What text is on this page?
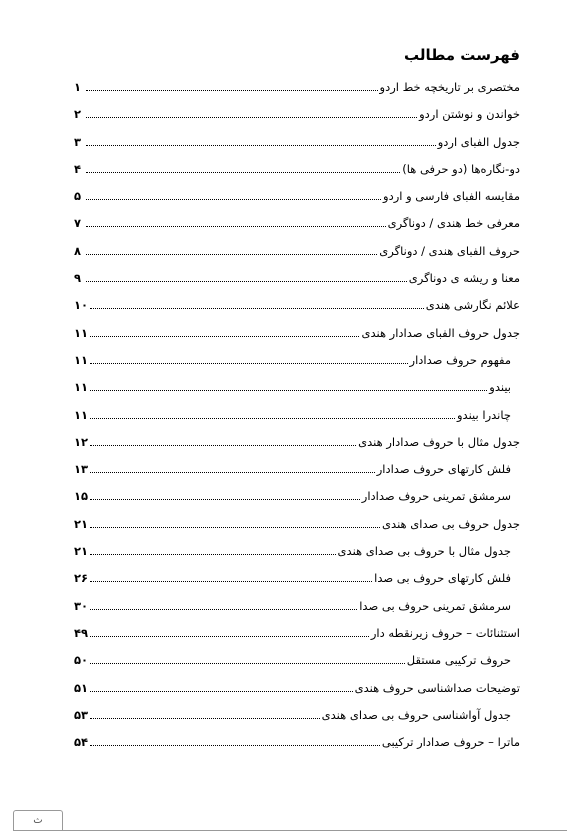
فهرست مطالب
مختصری بر تاریخچه خط اردو
۱
خواندن و نوشتن اردو
۲
جدول الفبای اردو
۳
دو-نگاره‌ها (دو حرفی ها)
۴
مقایسه الفبای فارسی و اردو
۵
معرفی خط هندی / دوناگری
۷
حروف الفبای هندی / دوناگری
۸
معنا و ریشه ی دوناگری
۹
علائم نگارشی هندی
۱۰
جدول حروف الفبای صدادار هندی
۱۱
مفهوم حروف صدادار
۱۱
بیندو
۱۱
چاندرا بیندو
۱۱
جدول مثال با حروف صدادار هندی
۱۲
فلش کارتهای حروف صدادار
۱۳
سرمشق تمرینی حروف صدادار
۱۵
جدول حروف بی صدای هندی
۲۱
جدول مثال با حروف بی صدای هندی
۲۱
فلش کارتهای حروف بی صدا
۲۶
سرمشق تمرینی حروف بی صدا
۳۰
استثنائات – حروف زیرنقطه دار
۴۹
حروف ترکیبی مستقل
۵۰
توضیحات صداشناسی حروف هندی
۵۱
جدول آواشناسی حروف بی صدای هندی
۵۳
ماترا – حروف صدادار ترکیبی
۵۴
ث
